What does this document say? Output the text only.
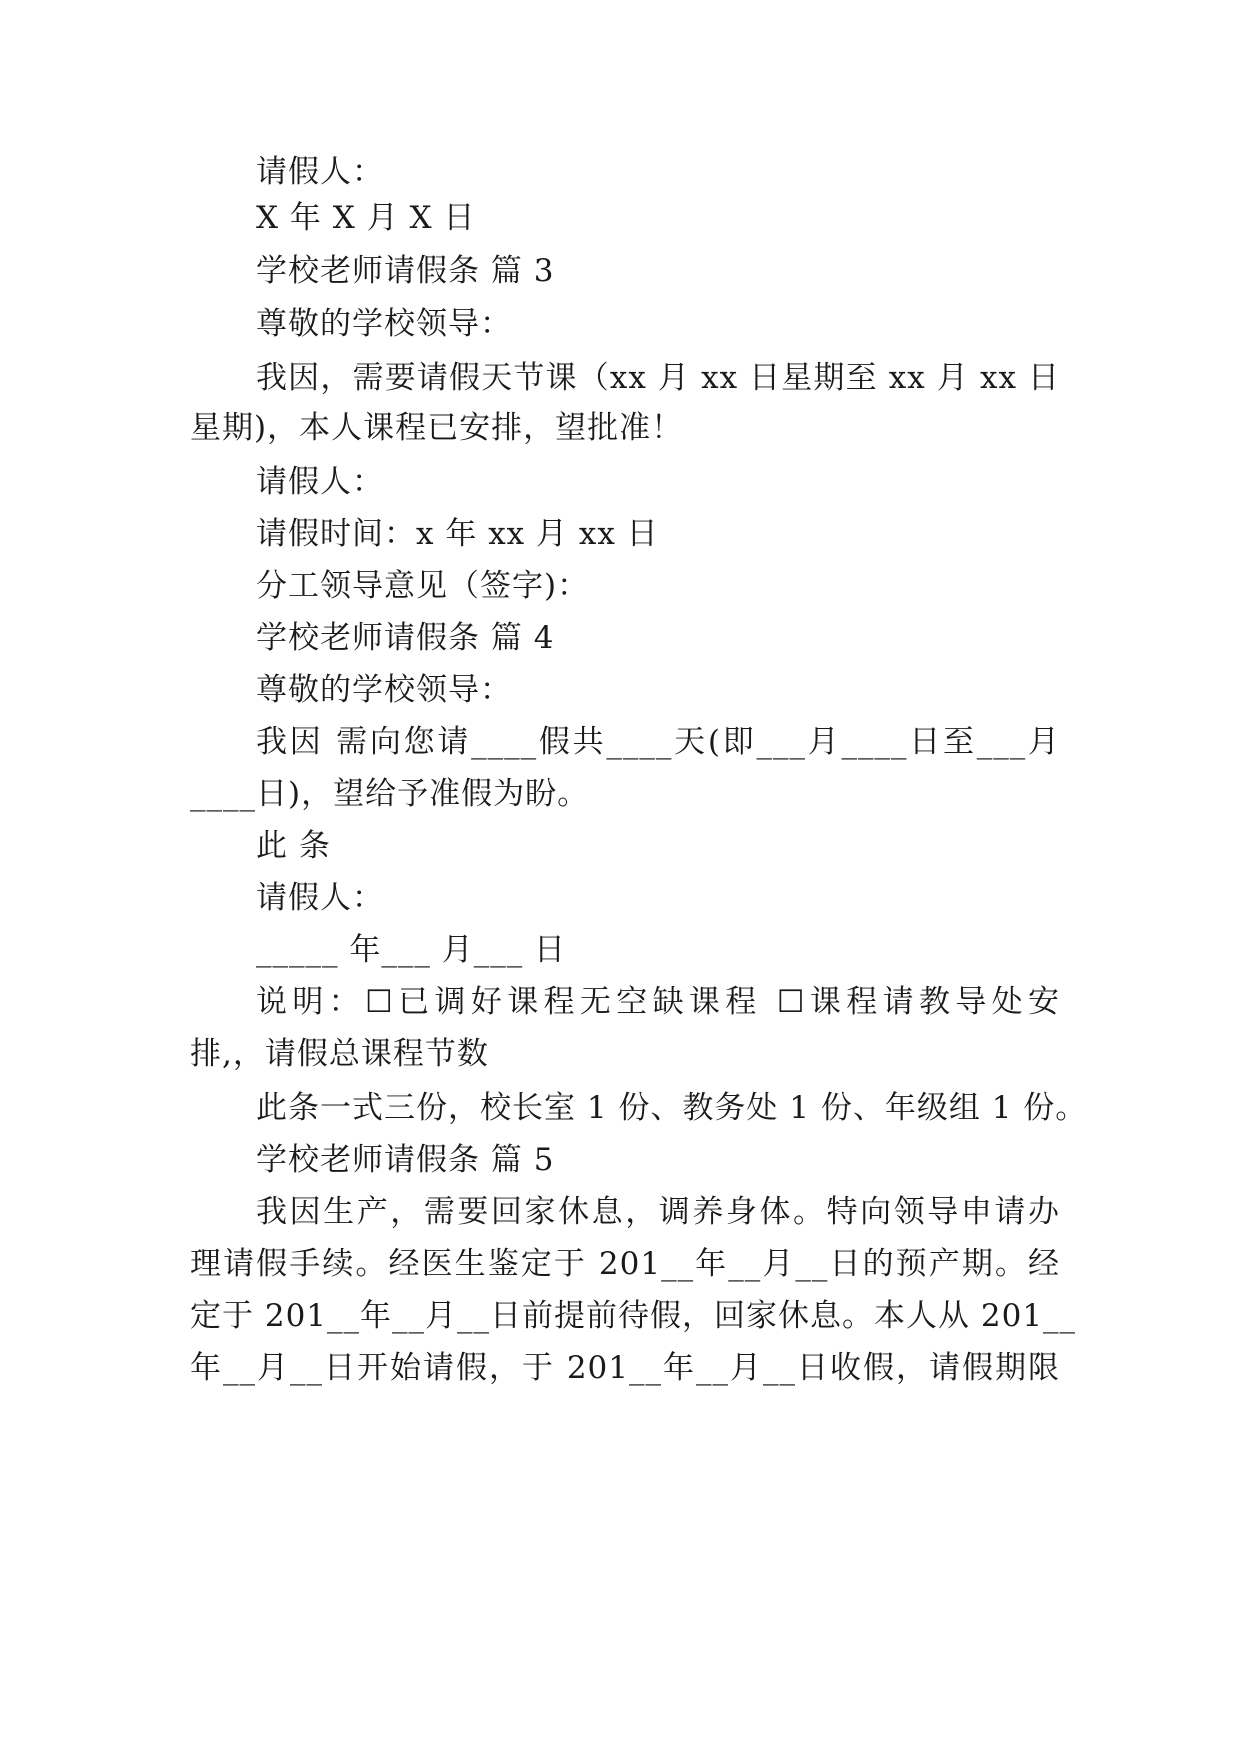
请假人：
X 年 X 月 X 日
学校老师请假条 篇 3
尊敬的学校领导：
我因，需要请假天节课（xx 月 xx 日星期至 xx 月 xx 日
星期)，本人课程已安排，望批准！
请假人：
请假时间：x 年 xx 月 xx 日
分工领导意见（签字)：
学校老师请假条 篇 4
尊敬的学校领导：
我因 需向您请____假共____天(即___月____日至___月
____日)，望给予准假为盼。
此 条
请假人：
_____ 年___ 月___ 日
说明：☐已调好课程无空缺课程 ☐课程请教导处安
排,，请假总课程节数
此条一式三份，校长室 1 份、教务处 1 份、年级组 1 份。
学校老师请假条 篇 5
我因生产，需要回家休息，调养身体。特向领导申请办
理请假手续。经医生鉴定于 201__年__月__日的预产期。经
定于 201__年__月__日前提前待假，回家休息。本人从 201__
年__月__日开始请假，于 201__年__月__日收假，请假期限
